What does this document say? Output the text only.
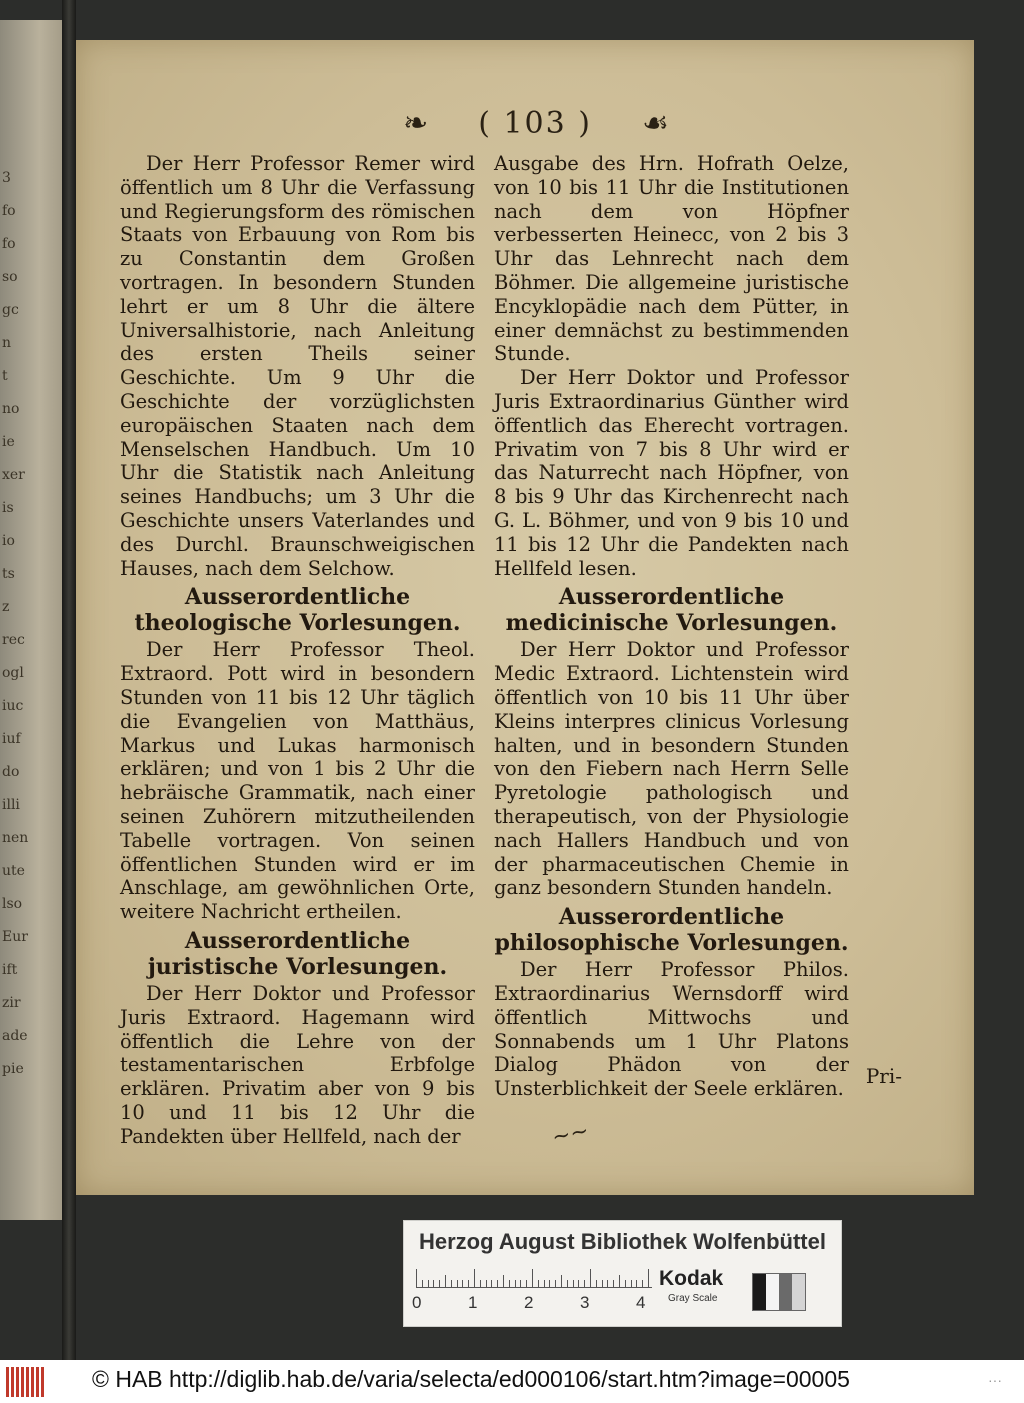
3
fo
fo
so
gc
n
t
no
ie
xer
is
io
ts
z
rec
ogl
iuc
iuf
do
illi
nen
ute
lso
Eur
ift
zir
ade
pie
❧ ( 103 ) ☙

Der Herr Professor Remer wird öffentlich um 8 Uhr die Verfassung und Regierungsform des römischen Staats von Erbauung von Rom bis zu Constantin dem Großen vortragen. In besondern Stunden lehrt er um 8 Uhr die ältere Universalhistorie, nach Anleitung des ersten Theils seiner Geschichte. Um 9 Uhr die Geschichte der vorzüglichsten europäischen Staaten nach dem Menselschen Handbuch. Um 10 Uhr die Statistik nach Anleitung seines Handbuchs; um 3 Uhr die Geschichte unsers Vaterlandes und des Durchl. Braunschweigischen Hauses, nach dem Selchow.

Ausserordentliche theologische Vorlesungen.

Der Herr Professor Theol. Extraord. Pott wird in besondern Stunden von 11 bis 12 Uhr täglich die Evangelien von Matthäus, Markus und Lukas harmonisch erklären; und von 1 bis 2 Uhr die hebräische Grammatik, nach einer seinen Zuhörern mitzutheilenden Tabelle vortragen. Von seinen öffentlichen Stunden wird er im Anschlage, am gewöhnlichen Orte, weitere Nachricht ertheilen.

Ausserordentliche juristische Vorlesungen.

Der Herr Doktor und Professor Juris Extraord. Hagemann wird öffentlich die Lehre von der testamentarischen Erbfolge erklären. Privatim aber von 9 bis 10 und 11 bis 12 Uhr die Pandekten über Hellfeld, nach der

Ausgabe des Hrn. Hofrath Oelze, von 10 bis 11 Uhr die Institutionen nach dem von Höpfner verbesserten Heinecc, von 2 bis 3 Uhr das Lehnrecht nach dem Böhmer. Die allgemeine juristische Encyklopädie nach dem Pütter, in einer demnächst zu bestimmenden Stunde.

Der Herr Doktor und Professor Juris Extraordinarius Günther wird öffentlich das Eherecht vortragen. Privatim von 7 bis 8 Uhr wird er das Naturrecht nach Höpfner, von 8 bis 9 Uhr das Kirchenrecht nach G. L. Böhmer, und von 9 bis 10 und 11 bis 12 Uhr die Pandekten nach Hellfeld lesen.

Ausserordentliche medicinische Vorlesungen.

Der Herr Doktor und Professor Medic Extraord. Lichtenstein wird öffentlich von 10 bis 11 Uhr über Kleins interpres clinicus Vorlesung halten, und in besondern Stunden von den Fiebern nach Herrn Selle Pyretologie pathologisch und therapeutisch, von der Physiologie nach Hallers Handbuch und von der pharmaceutischen Chemie in ganz besondern Stunden handeln.

Ausserordentliche philosophische Vorlesungen.

Der Herr Professor Philos. Extraordinarius Wernsdorff wird öffentlich Mittwochs und Sonnabends um 1 Uhr Platons Dialog Phädon von der Unsterblichkeit der Seele erklären.

Pri-
~~
Herzog August Bibliothek Wolfenbüttel
0	1	2	3	4
Kodak
Gray Scale
© HAB http://diglib.hab.de/varia/selecta/ed000106/start.htm?image=00005	···
